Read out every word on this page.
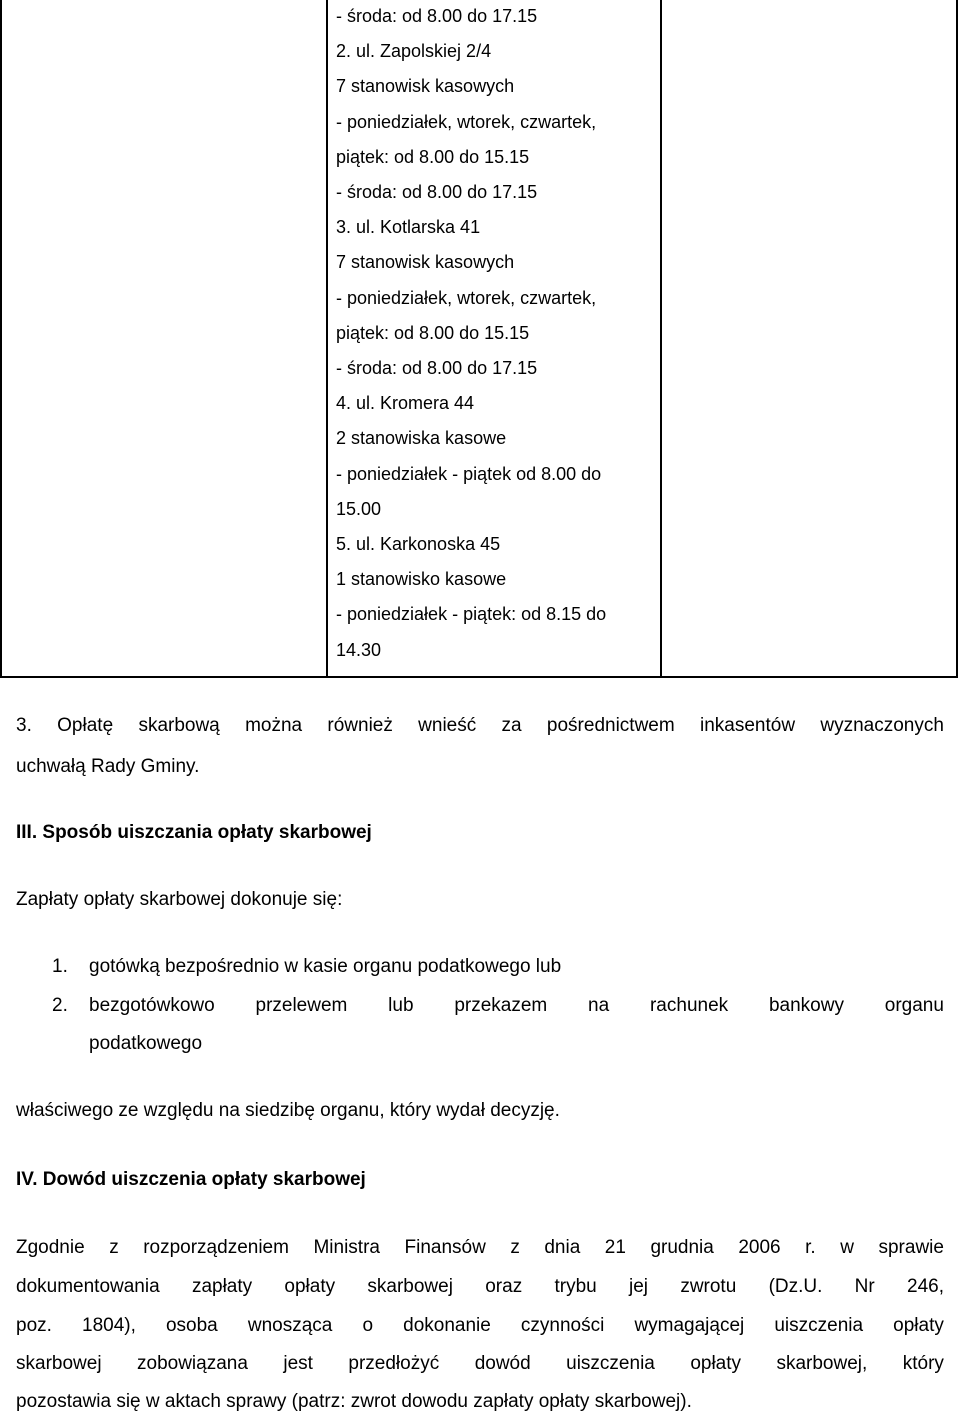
- środa: od 8.00 do 17.15
2. ul. Zapolskiej 2/4
7 stanowisk kasowych
- poniedziałek, wtorek, czwartek,
piątek: od 8.00 do 15.15
- środa: od 8.00 do 17.15
3. ul. Kotlarska 41
7 stanowisk kasowych
- poniedziałek, wtorek, czwartek,
piątek: od 8.00 do 15.15
- środa: od 8.00 do 17.15
4. ul. Kromera 44
2 stanowiska kasowe
- poniedziałek - piątek od 8.00 do
15.00
5. ul. Karkonoska 45
1 stanowisko kasowe
- poniedziałek - piątek: od 8.15 do
14.30
3. Opłatę skarbową można również wnieść za pośrednictwem inkasentów wyznaczonych
uchwałą Rady Gminy.
III. Sposób uiszczania opłaty skarbowej
Zapłaty opłaty skarbowej dokonuje się:
1. gotówką bezpośrednio w kasie organu podatkowego lub
2. bezgotówkowo przelewem lub przekazem na rachunek bankowy organu
podatkowego
właściwego ze względu na siedzibę organu, który wydał decyzję.
IV. Dowód uiszczenia opłaty skarbowej
Zgodnie z rozporządzeniem Ministra Finansów z dnia 21 grudnia 2006 r. w sprawie
dokumentowania zapłaty opłaty skarbowej oraz trybu jej zwrotu (Dz.U. Nr 246,
poz. 1804), osoba wnosząca o dokonanie czynności wymagającej uiszczenia opłaty
skarbowej zobowiązana jest przedłożyć dowód uiszczenia opłaty skarbowej, który
pozostawia się w aktach sprawy (patrz: zwrot dowodu zapłaty opłaty skarbowej).
